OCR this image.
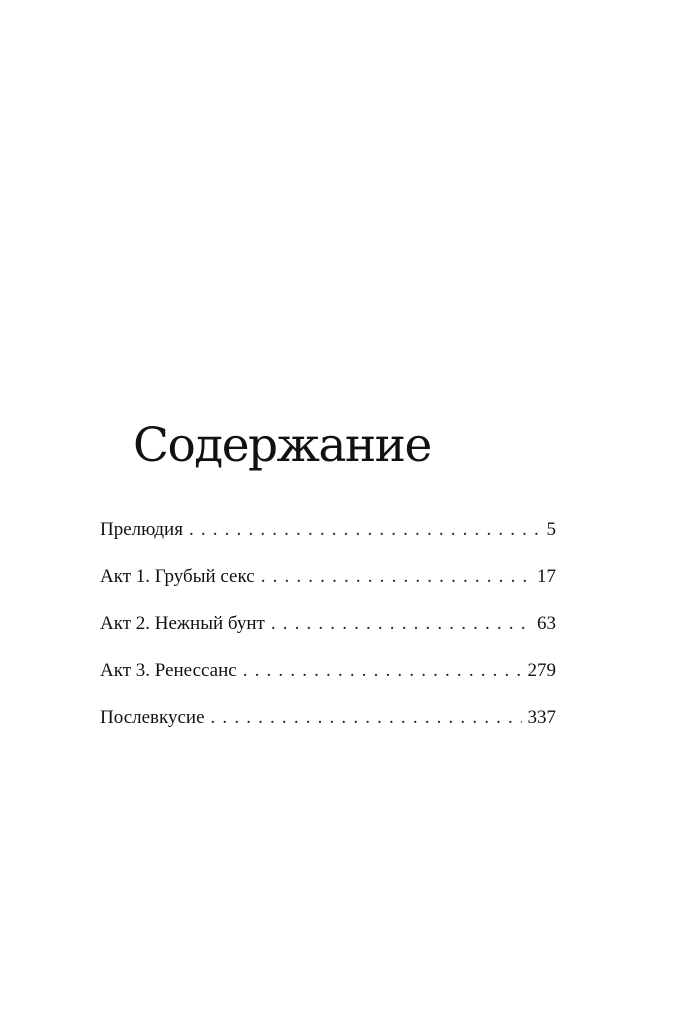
Содержание
Прелюдия . . .	5
Акт 1. Грубый секс . . .	17
Акт 2. Нежный бунт . . .	63
Акт 3. Ренессанс . . .	279
Послевкусие . . .	337
